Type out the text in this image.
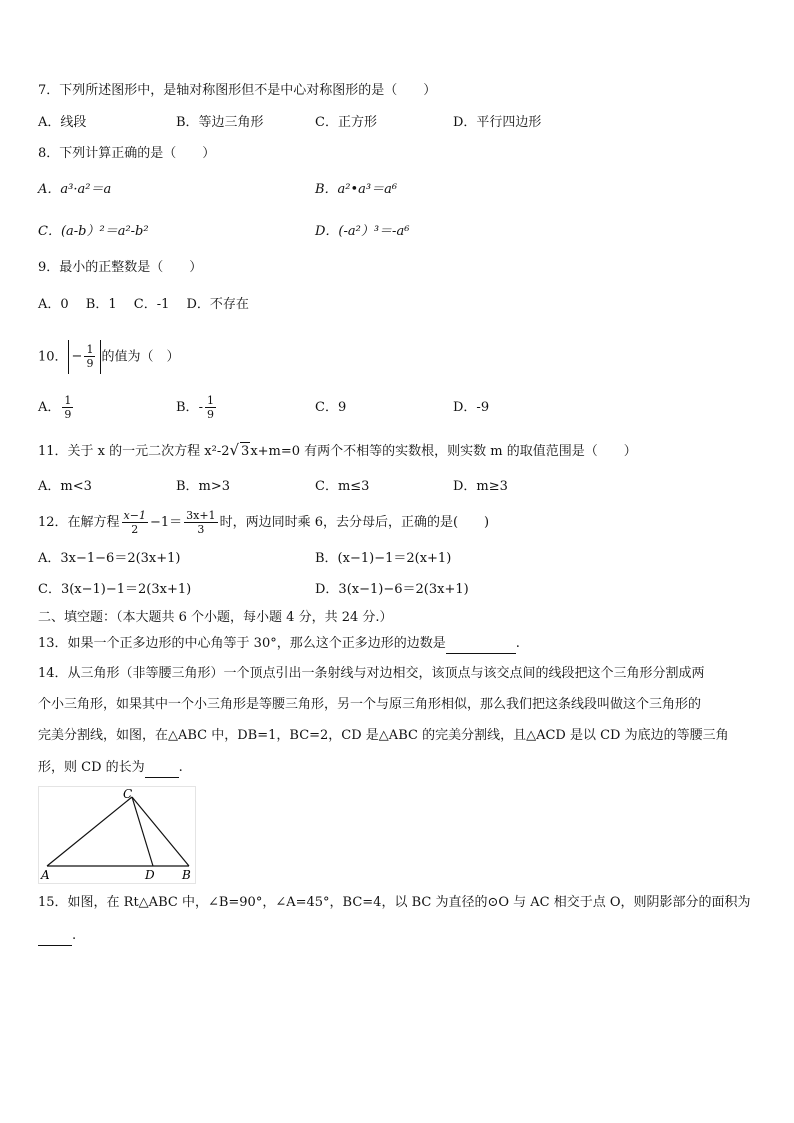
7．下列所述图形中，是轴对称图形但不是中心对称图形的是（　　）
A．线段	B．等边三角形	C．正方形	D．平行四边形
8．下列计算正确的是（　　）
A．a³·a²＝a	B．a²•a³＝a⁶
C．(a-b）²＝a²-b²	D．(-a²）³＝-a⁶
9．最小的正整数是（　　）
A．0　 B．1　 C．-1　 D．不存在
10． − $\frac{1}{9}$ 的值为（　）
A． $\frac{1}{9}$	B．- $\frac{1}{9}$	C．9	D．-9
11．关于 x 的一元二次方程 x²-2√ 3x+m=0 有两个不相等的实数根，则实数 m 的取值范围是（　　）
A．m<3	B．m>3	C．m≤3	D．m≥3
12．在解方程 $\frac{x-1}{2} -1= \frac{3x+1}{3}$ 时，两边同时乘 6，去分母后，正确的是(　　)
A．3x−1−6＝2(3x+1)	B．(x−1)−1＝2(x+1)
C．3(x−1)−1＝2(3x+1)	D．3(x−1)−6＝2(3x+1)
二、填空题：（本大题共 6 个小题，每小题 4 分，共 24 分.）
13．如果一个正多边形的中心角等于 30°，那么这个正多边形的边数是	.
14．从三角形（非等腰三角形）一个顶点引出一条射线与对边相交，该顶点与该交点间的线段把这个三角形分割成两
个小三角形，如果其中一个小三角形是等腰三角形，另一个与原三角形相似，那么我们把这条线段叫做这个三角形的
完美分割线，如图，在△ABC 中，DB=1，BC=2，CD 是△ABC 的完美分割线，且△ACD 是以 CD 为底边的等腰三角
形，则 CD 的长为	.
C
A	D B
15．如图，在 Rt△ABC 中，∠B=90°，∠A=45°，BC=4，以 BC 为直径的⊙O 与 AC 相交于点 O，则阴影部分的面积为
.
